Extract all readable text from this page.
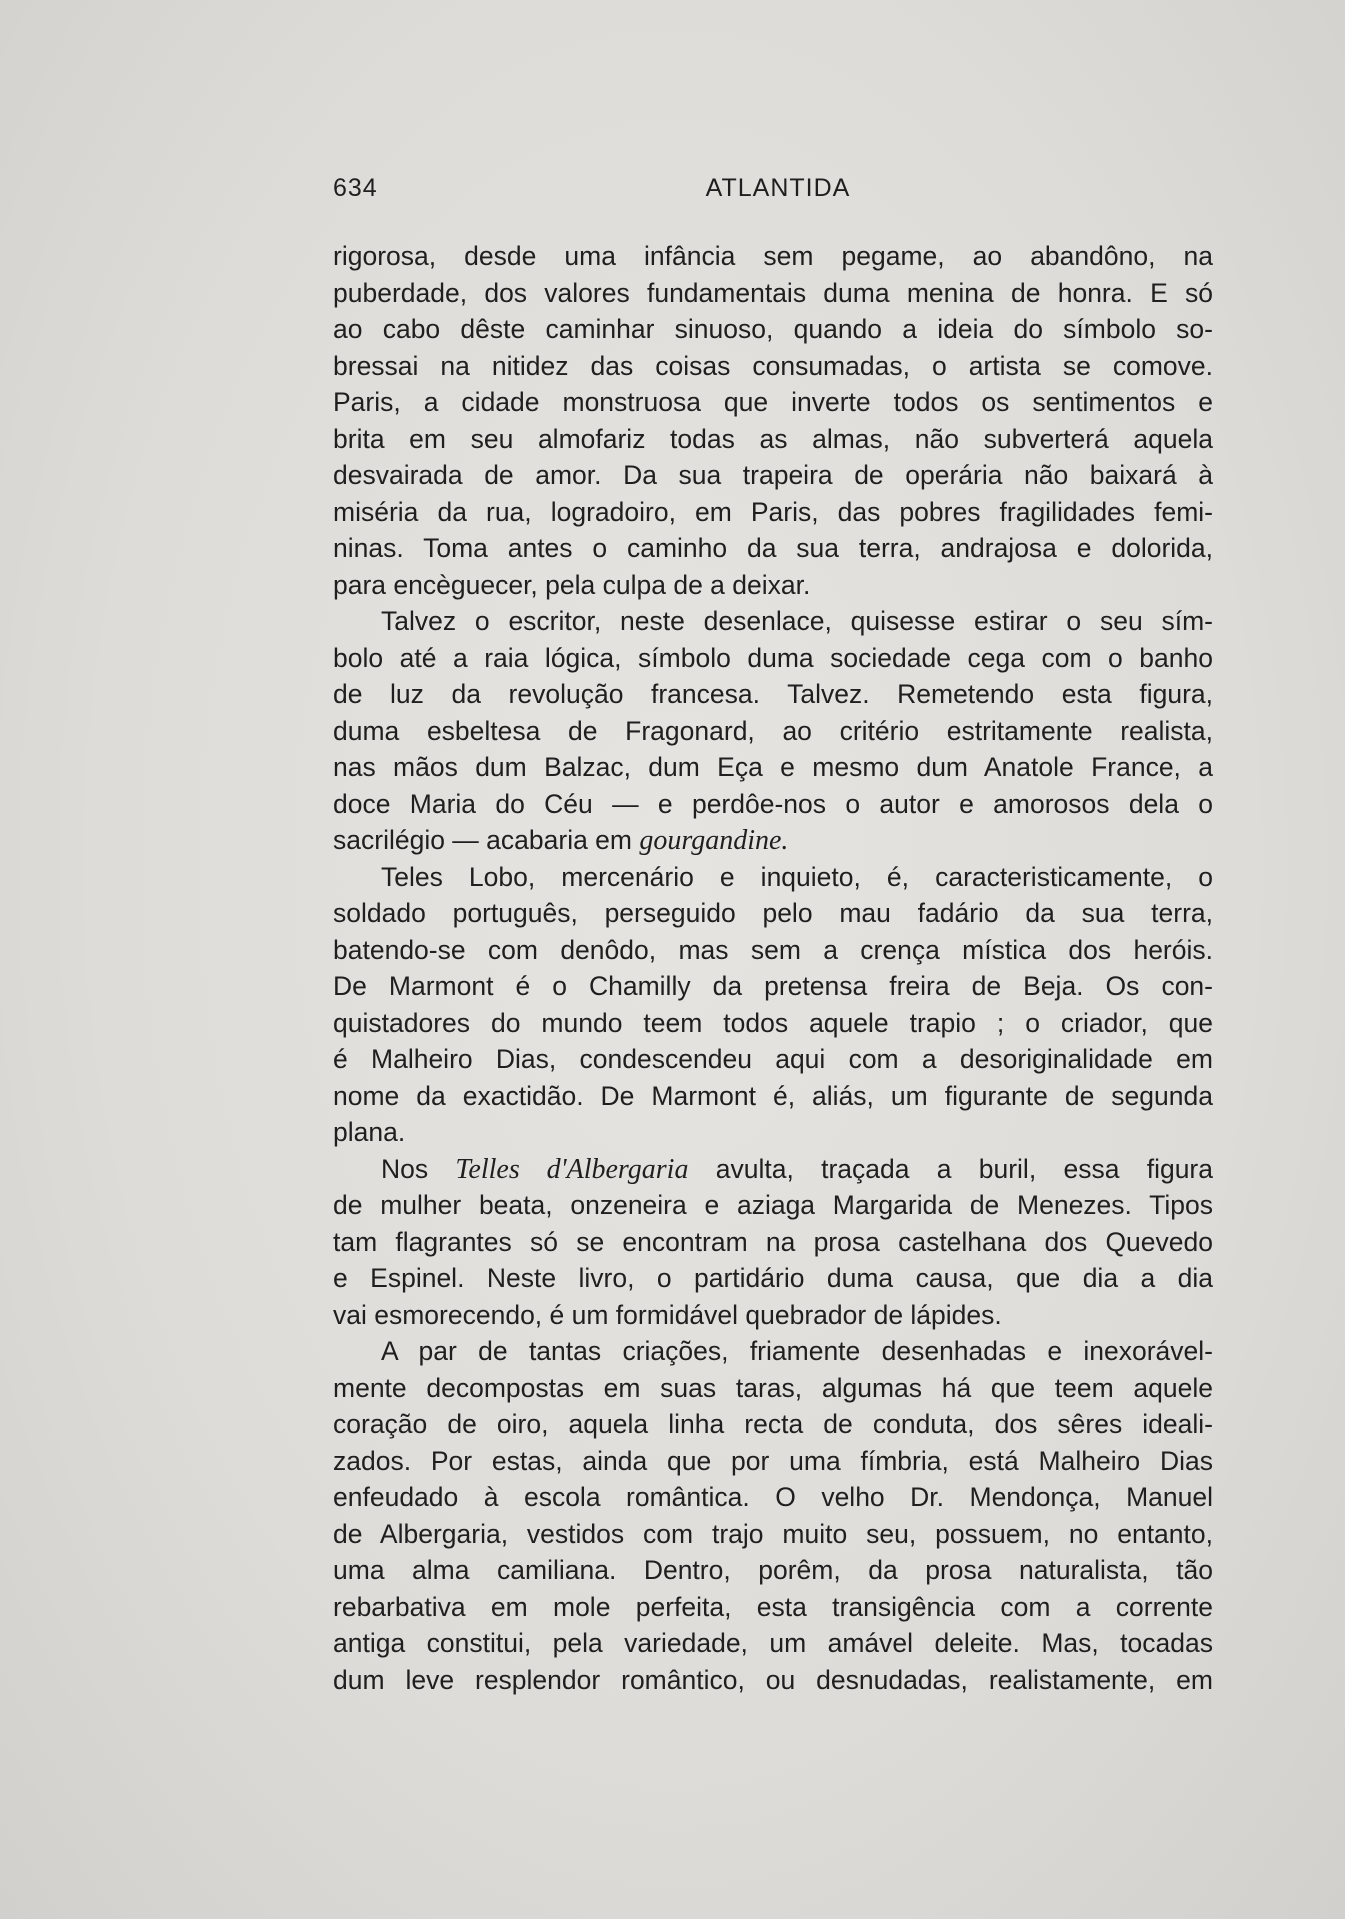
634	ATLANTIDA
rigorosa, desde uma infância sem pegame, ao abandôno, na
puberdade, dos valores fundamentais duma menina de honra. E só
ao cabo dêste caminhar sinuoso, quando a ideia do símbolo so-
bressai na nitidez das coisas consumadas, o artista se comove.
Paris, a cidade monstruosa que inverte todos os sentimentos e
brita em seu almofariz todas as almas, não subverterá aquela
desvairada de amor. Da sua trapeira de operária não baixará à
miséria da rua, logradoiro, em Paris, das pobres fragilidades femi-
ninas. Toma antes o caminho da sua terra, andrajosa e dolorida,
para encèguecer, pela culpa de a deixar.
Talvez o escritor, neste desenlace, quisesse estirar o seu sím-
bolo até a raia lógica, símbolo duma sociedade cega com o banho
de luz da revolução francesa. Talvez. Remetendo esta figura,
duma esbeltesa de Fragonard, ao critério estritamente realista,
nas mãos dum Balzac, dum Eça e mesmo dum Anatole France, a
doce Maria do Céu — e perdôe-nos o autor e amorosos dela o
sacrilégio — acabaria em gourgandine.
Teles Lobo, mercenário e inquieto, é, caracteristicamente, o
soldado português, perseguido pelo mau fadário da sua terra,
batendo-se com denôdo, mas sem a crença mística dos heróis.
De Marmont é o Chamilly da pretensa freira de Beja. Os con-
quistadores do mundo teem todos aquele trapio ; o criador, que
é Malheiro Dias, condescendeu aqui com a desoriginalidade em
nome da exactidão. De Marmont é, aliás, um figurante de segunda
plana.
Nos Telles d'Albergaria avulta, traçada a buril, essa figura
de mulher beata, onzeneira e aziaga Margarida de Menezes. Tipos
tam flagrantes só se encontram na prosa castelhana dos Quevedo
e Espinel. Neste livro, o partidário duma causa, que dia a dia
vai esmorecendo, é um formidável quebrador de lápides.
A par de tantas criações, friamente desenhadas e inexorável-
mente decompostas em suas taras, algumas há que teem aquele
coração de oiro, aquela linha recta de conduta, dos sêres ideali-
zados. Por estas, ainda que por uma fímbria, está Malheiro Dias
enfeudado à escola romântica. O velho Dr. Mendonça, Manuel
de Albergaria, vestidos com trajo muito seu, possuem, no entanto,
uma alma camiliana. Dentro, porêm, da prosa naturalista, tão
rebarbativa em mole perfeita, esta transigência com a corrente
antiga constitui, pela variedade, um amável deleite. Mas, tocadas
dum leve resplendor romântico, ou desnudadas, realistamente, em
